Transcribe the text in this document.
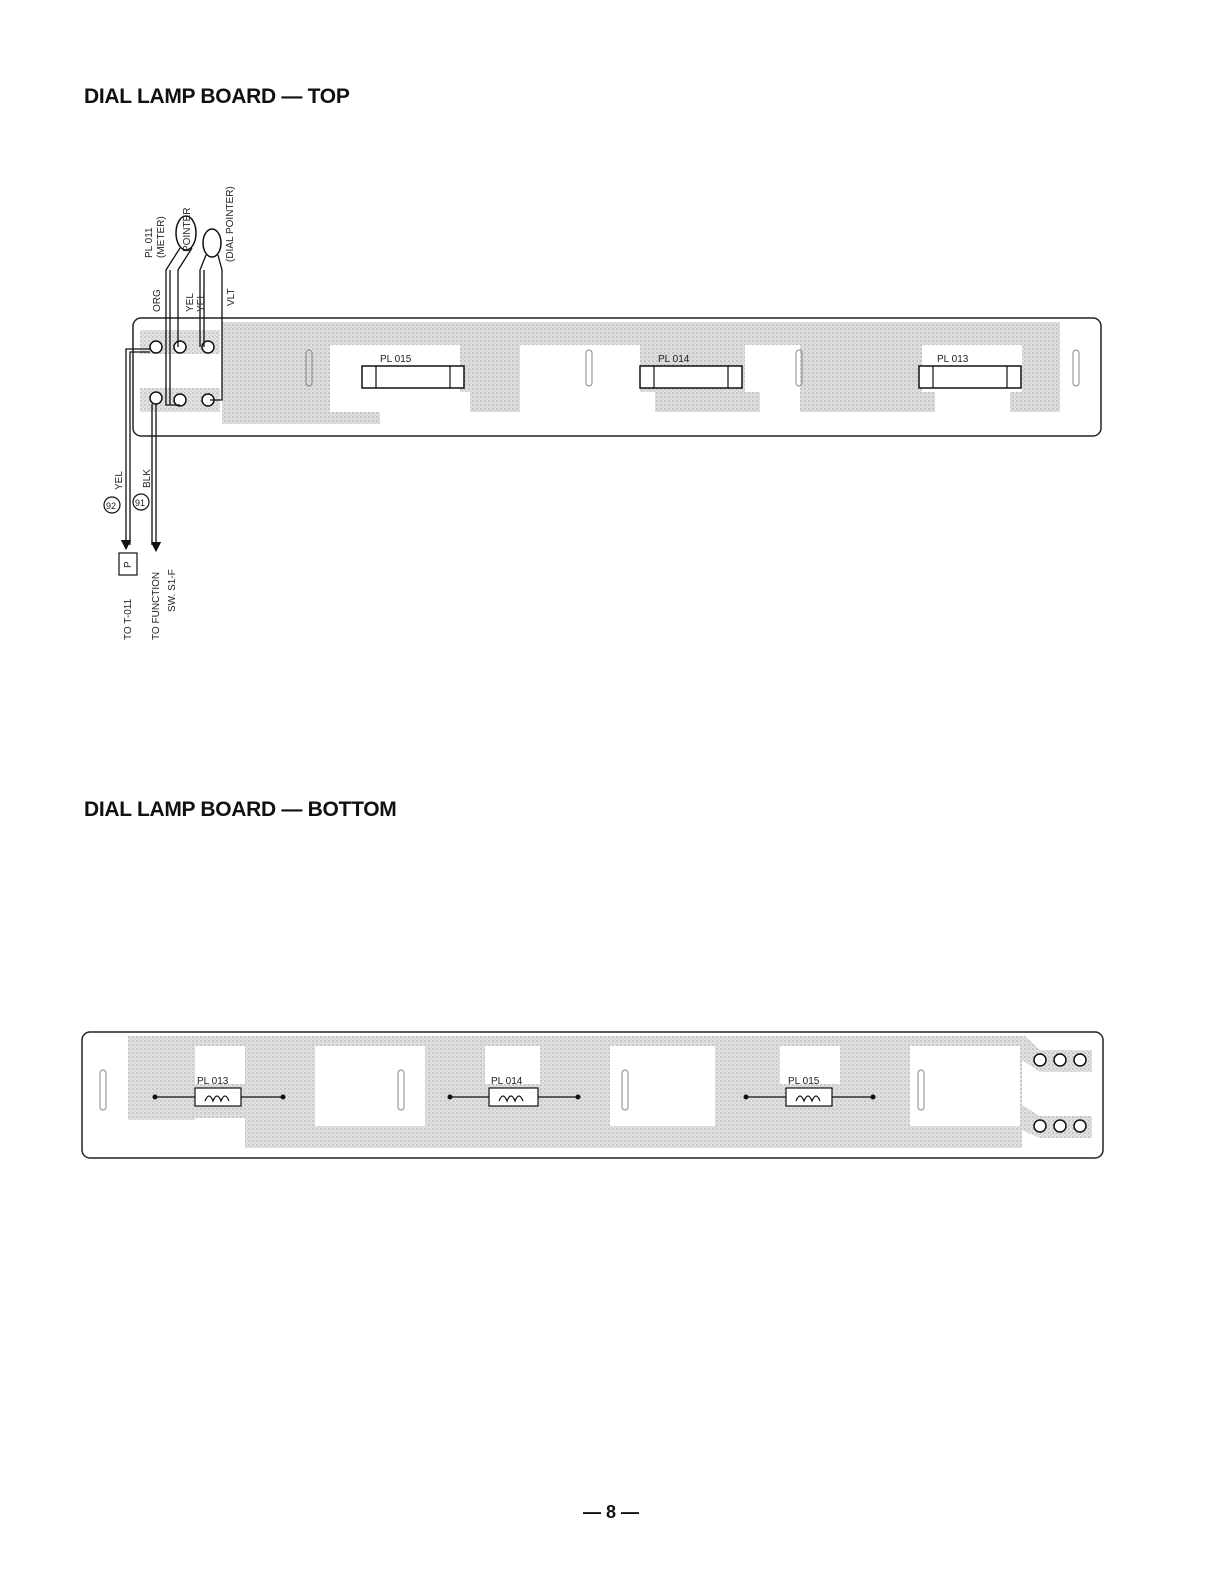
DIAL LAMP BOARD — TOP
DIAL LAMP BOARD — BOTTOM
PL 015	PL 014	PL 013
PL 011 (METER) POINTER	(DIAL POINTER)
ORG YEL YEL VLT
YEL BLK
92 91
P
TO T-011 TO FUNCTION SW. S1-F
PL 013	PL 014	PL 015
— 8 —
